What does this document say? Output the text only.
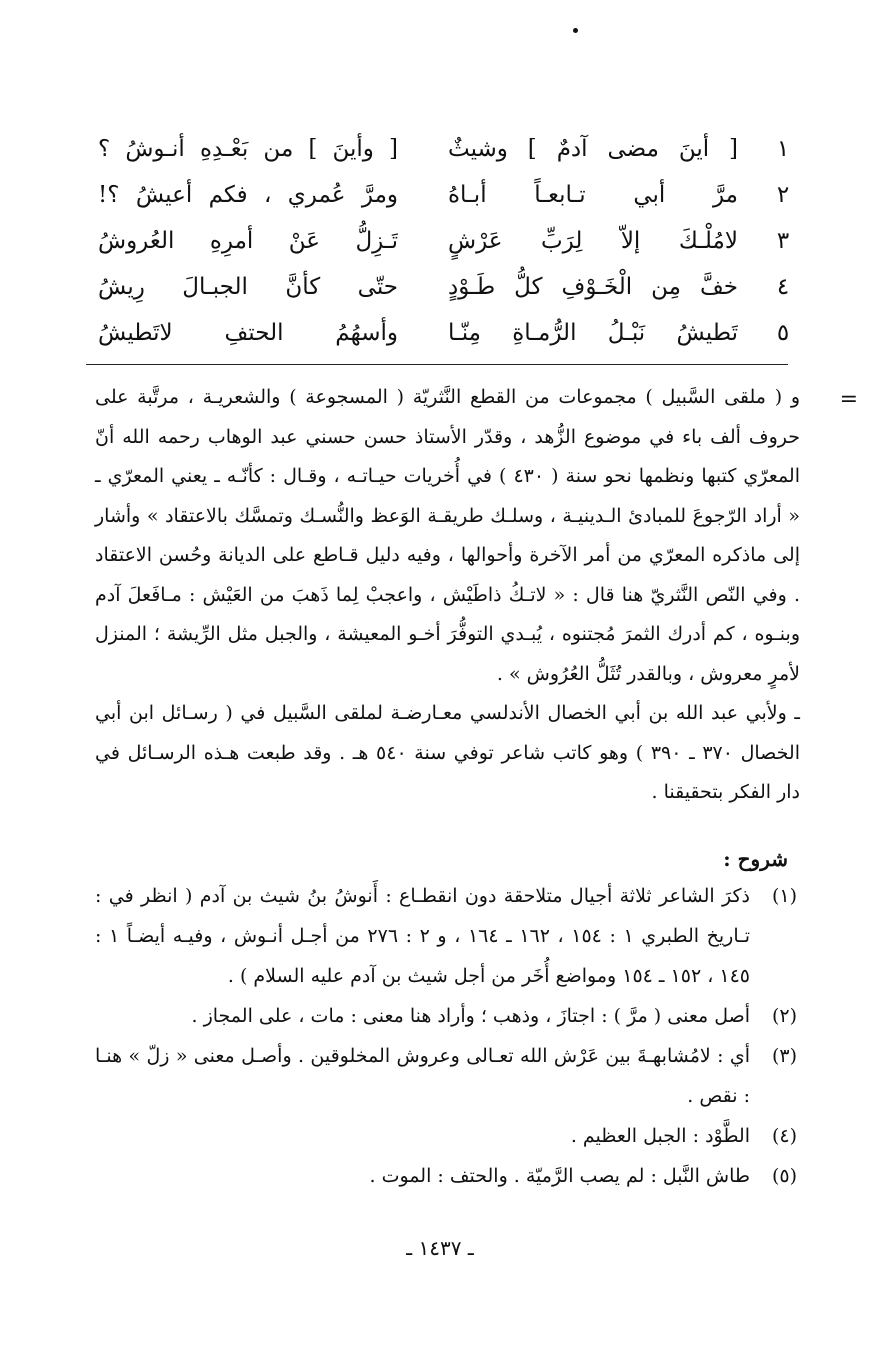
١
[ أينَ مضى آدمٌ ] وشيثٌ
[ وأينَ ] من بَعْـدِهِ أنـوشُ ؟
٢
مرَّ أبي تـابعـاً أبـاهُ
ومرَّ عُمري ، فكم أعيشُ ؟!
٣
لامُلْـكَ إلاّ لِرَبِّ عَرْشٍ
تَـزِلُّ عَنْ أمرِهِ العُروشُ
٤
خفَّ مِن الْخَـوْفِ كلُّ طَـوْدٍ
حتّى كأنَّ الجبـالَ رِيشُ
٥
تَطيشُ نَبْـلُ الرُّمـاةِ مِنّـا
وأسهُمُ الحتفِ لاتَطيشُ
=

و ( ملقى السَّبيل ) مجموعات من القطع النَّثريّة ( المسجوعة ) والشعريـة ، مرتَّبة على حروف ألف باء في موضوع الزُّهد ، وقدّر الأستاذ حسن حسني عبد الوهاب رحمه الله أنّ المعرّي كتبها ونظمها نحو سنة ( ٤٣٠ ) في أُخريات حيـاتـه ، وقـال : كأنّـه ـ يعني المعرّي ـ « أراد الرّجوعَ للمبادئ الـدينيـة ، وسلـك طريقـة الوَعظ والنُّسـك وتمسَّك بالاعتقاد » وأشار إلى ماذكره المعرّي من أمر الآخرة وأحوالها ، وفيه دليل قـاطع على الديانة وحُسن الاعتقاد . وفي النّص النَّثريّ هنا قال : « لاتـكُ ذاطَيْش ، واعجبْ لِما ذَهبَ من العَيْش : مـافَعلَ آدم وبنـوه ، كم أدرك الثمرَ مُجتنوه ، يُبـدي التوفُّرَ أخـو المعيشة ، والجبل مثل الرِّيشة ؛ المنزل لأمرٍ معروش ، وبالقدر تُثَلُّ العُرُوش » .

ـ ولأبي عبد الله بن أبي الخصال الأندلسي معـارضـة لملقى السَّبيل في ( رسـائل ابن أبي الخصال ٣٧٠ ـ ٣٩٠ ) وهو كاتب شاعر توفي سنة ٥٤٠ هـ . وقد طبعت هـذه الرسـائل في دار الفكر بتحقيقنا .

شروح :
(١)
ذكرَ الشاعر ثلاثة أجيال متلاحقة دون انقطـاع : أَنوشُ بنُ شيث بن آدم ( انظر في : تـاريخ الطبري ١ : ١٥٤ ، ١٦٢ ـ ١٦٤ ، و ٢ : ٢٧٦ من أجـل أنـوش ، وفيـه أيضـاً ١ : ١٤٥ ، ١٥٢ ـ ١٥٤ ومواضع أُخَر من أجل شيث بن آدم عليه السلام ) .
(٢)
أصل معنى ( مرَّ ) : اجتازَ ، وذهب ؛ وأراد هنا معنى : مات ، على المجاز .
(٣)
أي : لامُشابهـةَ بين عَرْش الله تعـالى وعروش المخلوقين . وأصـل معنى « زلّ » هنـا : نقص .
(٤)
الطَّوْد : الجبل العظيم .
(٥)
طاش النَّبل : لم يصب الرَّميّة . والحتف : الموت .
ـ ١٤٣٧ ـ
